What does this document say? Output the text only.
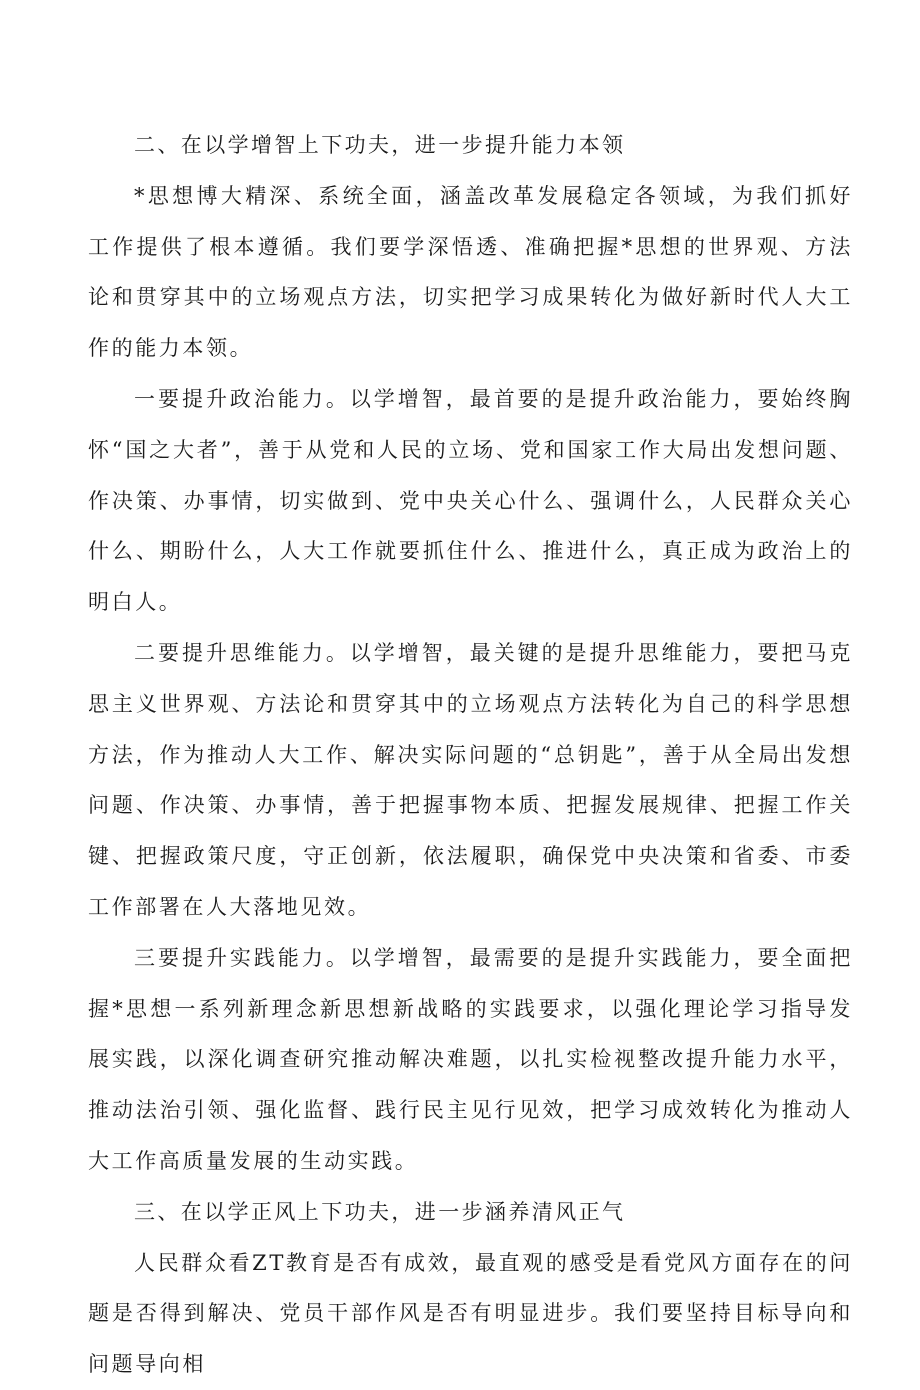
二、在以学增智上下功夫，进一步提升能力本领

*思想博大精深、系统全面，涵盖改革发展稳定各领域，为我们抓好工作提供了根本遵循。我们要学深悟透、准确把握*思想的世界观、方法论和贯穿其中的立场观点方法，切实把学习成果转化为做好新时代人大工作的能力本领。

一要提升政治能力。以学增智，最首要的是提升政治能力，要始终胸怀“国之大者”，善于从党和人民的立场、党和国家工作大局出发想问题、作决策、办事情，切实做到、党中央关心什么、强调什么，人民群众关心什么、期盼什么，人大工作就要抓住什么、推进什么，真正成为政治上的明白人。

二要提升思维能力。以学增智，最关键的是提升思维能力，要把马克思主义世界观、方法论和贯穿其中的立场观点方法转化为自己的科学思想方法，作为推动人大工作、解决实际问题的“总钥匙”，善于从全局出发想问题、作决策、办事情，善于把握事物本质、把握发展规律、把握工作关键、把握政策尺度，守正创新，依法履职，确保党中央决策和省委、市委工作部署在人大落地见效。

三要提升实践能力。以学增智，最需要的是提升实践能力，要全面把握*思想一系列新理念新思想新战略的实践要求，以强化理论学习指导发展实践，以深化调查研究推动解决难题，以扎实检视整改提升能力水平，推动法治引领、强化监督、践行民主见行见效，把学习成效转化为推动人大工作高质量发展的生动实践。

三、在以学正风上下功夫，进一步涵养清风正气

人民群众看ZT教育是否有成效，最直观的感受是看党风方面存在的问题是否得到解决、党员干部作风是否有明显进步。我们要坚持目标导向和问题导向相
